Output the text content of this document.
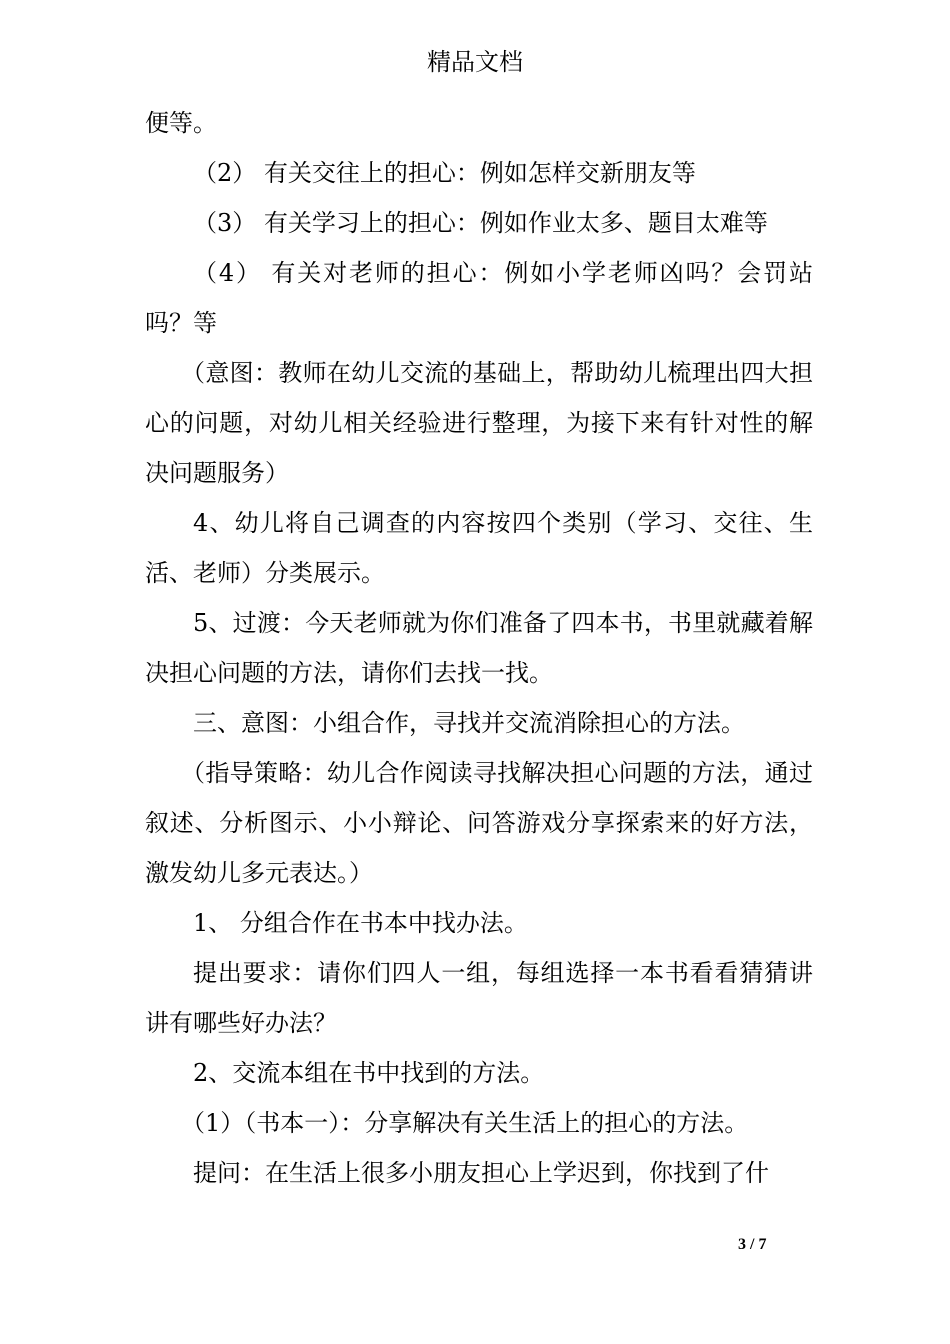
精品文档

便等。

（2） 有关交往上的担心：例如怎样交新朋友等

（3） 有关学习上的担心：例如作业太多、题目太难等

（4） 有关对老师的担心：例如小学老师凶吗？会罚站吗？等

（意图：教师在幼儿交流的基础上，帮助幼儿梳理出四大担心的问题，对幼儿相关经验进行整理，为接下来有针对性的解决问题服务）

4、幼儿将自己调查的内容按四个类别（学习、交往、生活、老师）分类展示。

5、过渡：今天老师就为你们准备了四本书，书里就藏着解决担心问题的方法，请你们去找一找。

三、意图：小组合作，寻找并交流消除担心的方法。

（指导策略：幼儿合作阅读寻找解决担心问题的方法，通过叙述、分析图示、小小辩论、问答游戏分享探索来的好方法，激发幼儿多元表达。）

1、 分组合作在书本中找办法。

提出要求：请你们四人一组，每组选择一本书看看猜猜讲讲有哪些好办法？

2、交流本组在书中找到的方法。

（1）（书本一）：分享解决有关生活上的担心的方法。

提问：在生活上很多小朋友担心上学迟到，你找到了什

3 / 7
